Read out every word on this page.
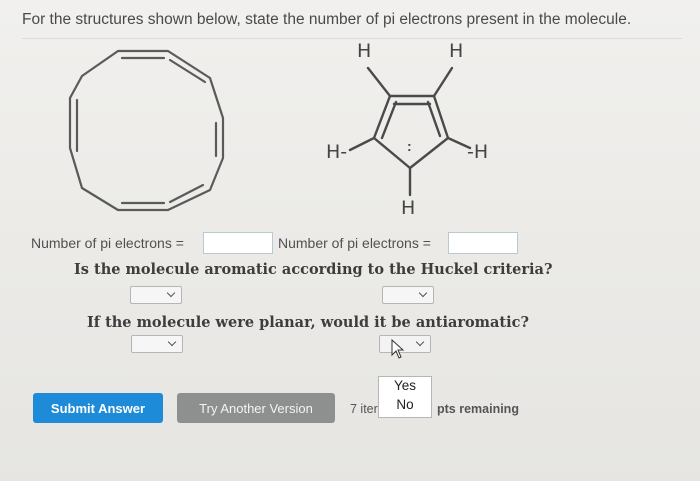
For the structures shown below, state the number of pi electrons present in the molecule.
H	H
H-	-H
H
:
Number of pi electrons =	Number of pi electrons =
Is the molecule aromatic according to the Huckel criteria?
If the molecule were planar, would it be antiaromatic?
Yes
No
Submit Answer	Try Another Version	7 iter	pts remaining
